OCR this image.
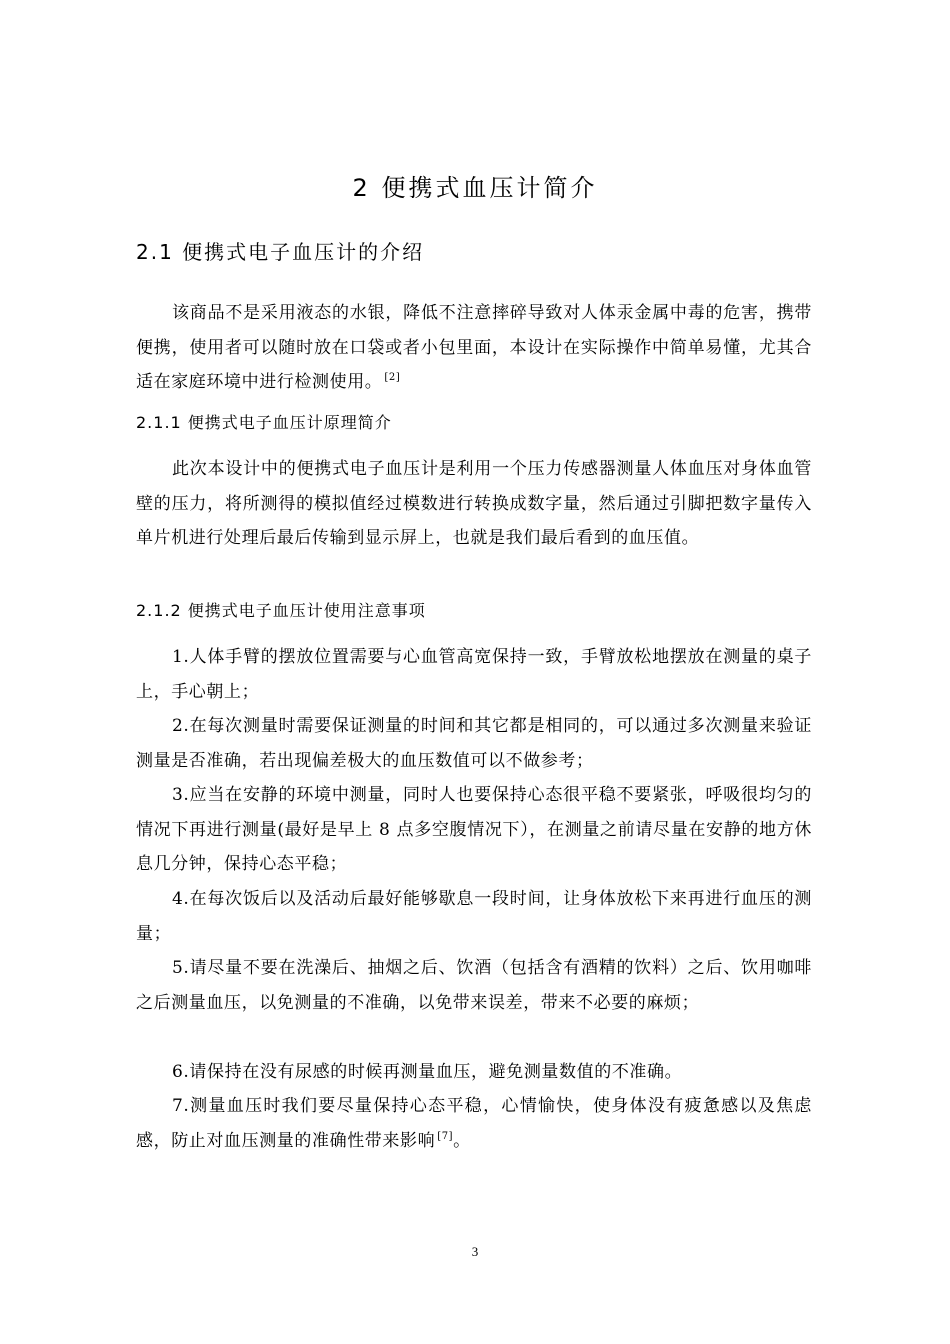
2 便携式血压计简介
2.1 便携式电子血压计的介绍

该商品不是采用液态的水银，降低不注意摔碎导致对人体汞金属中毒的危害，携带便携，使用者可以随时放在口袋或者小包里面，本设计在实际操作中简单易懂，尤其合适在家庭环境中进行检测使用。 [2]

2.1.1 便携式电子血压计原理简介

此次本设计中的便携式电子血压计是利用一个压力传感器测量人体血压对身体血管壁的压力，将所测得的模拟值经过模数进行转换成数字量，然后通过引脚把数字量传入单片机进行处理后最后传输到显示屏上，也就是我们最后看到的血压值。

2.1.2 便携式电子血压计使用注意事项

1.人体手臂的摆放位置需要与心血管高宽保持一致，手臂放松地摆放在测量的桌子上，手心朝上；

2.在每次测量时需要保证测量的时间和其它都是相同的，可以通过多次测量来验证测量是否准确，若出现偏差极大的血压数值可以不做参考；

3.应当在安静的环境中测量，同时人也要保持心态很平稳不要紧张，呼吸很均匀的情况下再进行测量(最好是早上 8 点多空腹情况下），在测量之前请尽量在安静的地方休息几分钟，保持心态平稳；

4.在每次饭后以及活动后最好能够歇息一段时间，让身体放松下来再进行血压的测量；

5.请尽量不要在洗澡后、抽烟之后、饮酒（包括含有酒精的饮料）之后、饮用咖啡之后测量血压，以免测量的不准确，以免带来误差，带来不必要的麻烦；

6.请保持在没有尿感的时候再测量血压，避免测量数值的不准确。

7.测量血压时我们要尽量保持心态平稳，心情愉快，使身体没有疲惫感以及焦虑感，防止对血压测量的准确性带来影响 [7]。

3
